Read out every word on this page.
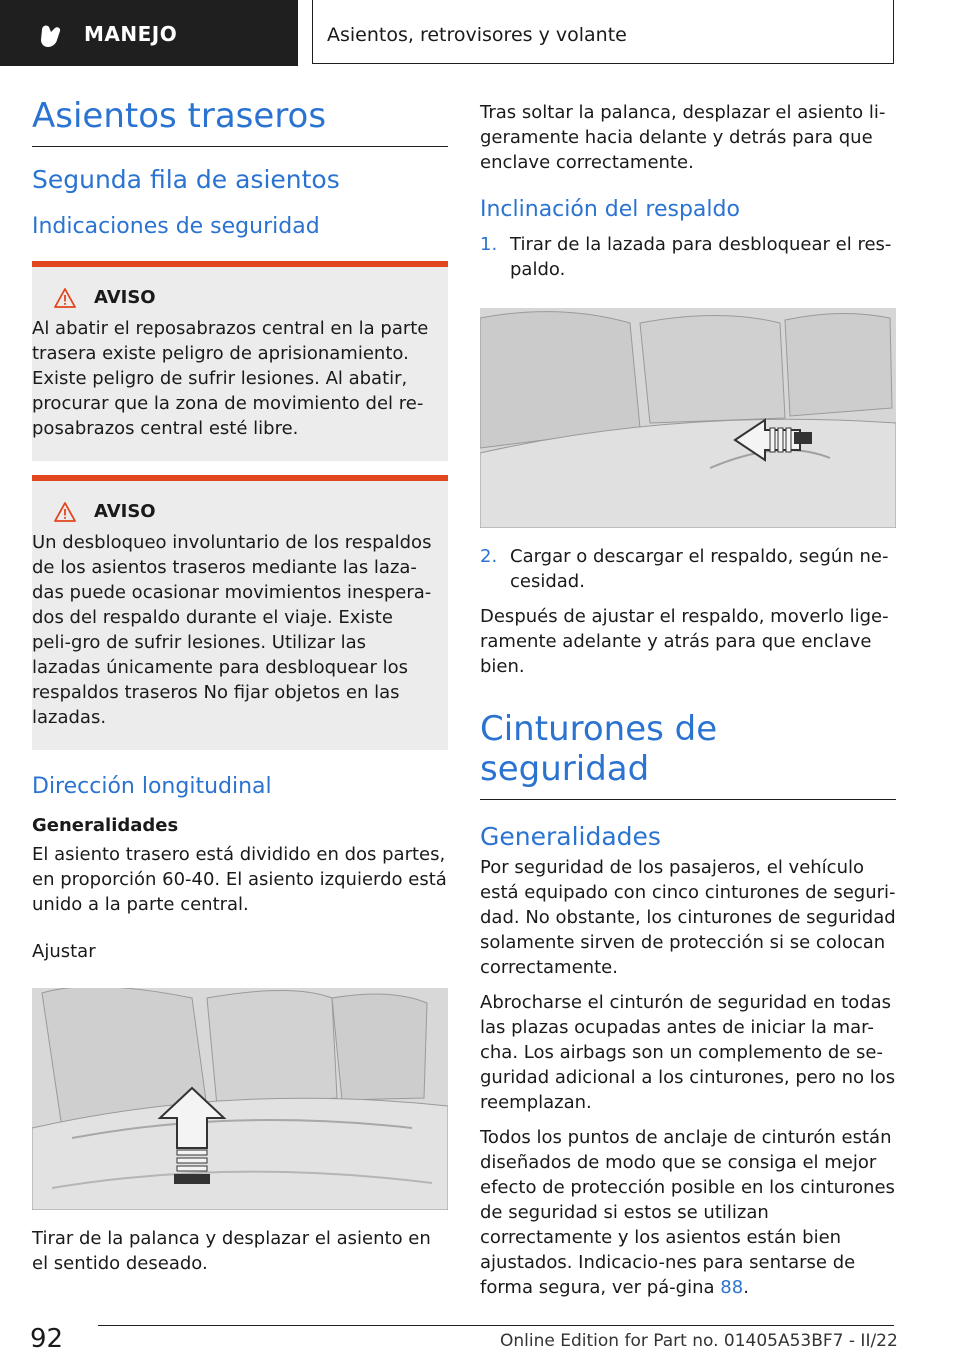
MANEJO	Asientos, retrovisores y volante
Asientos traseros
Segunda fila de asientos
Indicaciones de seguridad
AVISO
Al abatir el reposabrazos central en la parte trasera existe peligro de aprisionamiento. Existe peligro de sufrir lesiones. Al abatir, procurar que la zona de movimiento del re-posabrazos central esté libre.
AVISO
Un desbloqueo involuntario de los respaldos de los asientos traseros mediante las laza-das puede ocasionar movimientos inespera-dos del respaldo durante el viaje. Existe peli-gro de sufrir lesiones. Utilizar las lazadas únicamente para desbloquear los respaldos traseros No fijar objetos en las lazadas.
Dirección longitudinal
Generalidades

El asiento trasero está dividido en dos partes, en proporción 60-40. El asiento izquierdo está unido a la parte central.

Ajustar

Tirar de la palanca y desplazar el asiento en el sentido deseado.

Tras soltar la palanca, desplazar el asiento li-geramente hacia delante y detrás para que enclave correctamente.

Inclinación del respaldo
1. Tirar de la lazada para desbloquear el res-paldo.
2. Cargar o descargar el respaldo, según ne-cesidad.

Después de ajustar el respaldo, moverlo lige-ramente adelante y atrás para que enclave bien.

Cinturones de seguridad
Generalidades

Por seguridad de los pasajeros, el vehículo está equipado con cinco cinturones de seguri-dad. No obstante, los cinturones de seguridad solamente sirven de protección si se colocan correctamente.

Abrocharse el cinturón de seguridad en todas las plazas ocupadas antes de iniciar la mar-cha. Los airbags son un complemento de se-guridad adicional a los cinturones, pero no los reemplazan.

Todos los puntos de anclaje de cinturón están diseñados de modo que se consiga el mejor efecto de protección posible en los cinturones de seguridad si estos se utilizan correctamente y los asientos están bien ajustados. Indicacio-nes para sentarse de forma segura, ver pá-gina 88.

92	Online Edition for Part no. 01405A53BF7 - II/22
